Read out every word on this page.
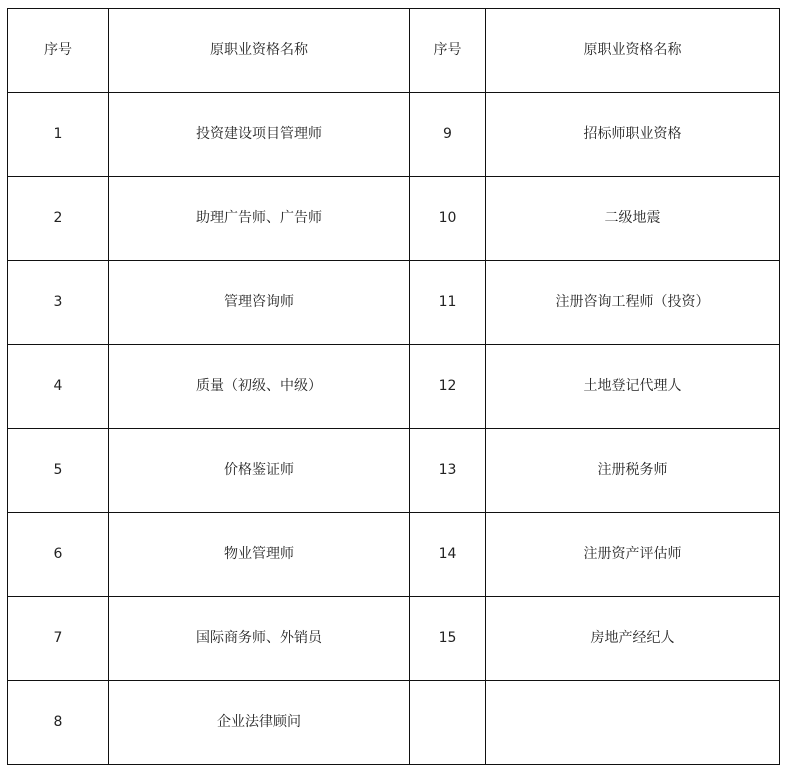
序号	原职业资格名称	序号	原职业资格名称
1	投资建设项目管理师	9	招标师职业资格
2	助理广告师、广告师	10	二级地震
3	管理咨询师	11	注册咨询工程师（投资）
4	质量（初级、中级）	12	土地登记代理人
5	价格鉴证师	13	注册税务师
6	物业管理师	14	注册资产评估师
7	国际商务师、外销员	15	房地产经纪人
8	企业法律顾问		
